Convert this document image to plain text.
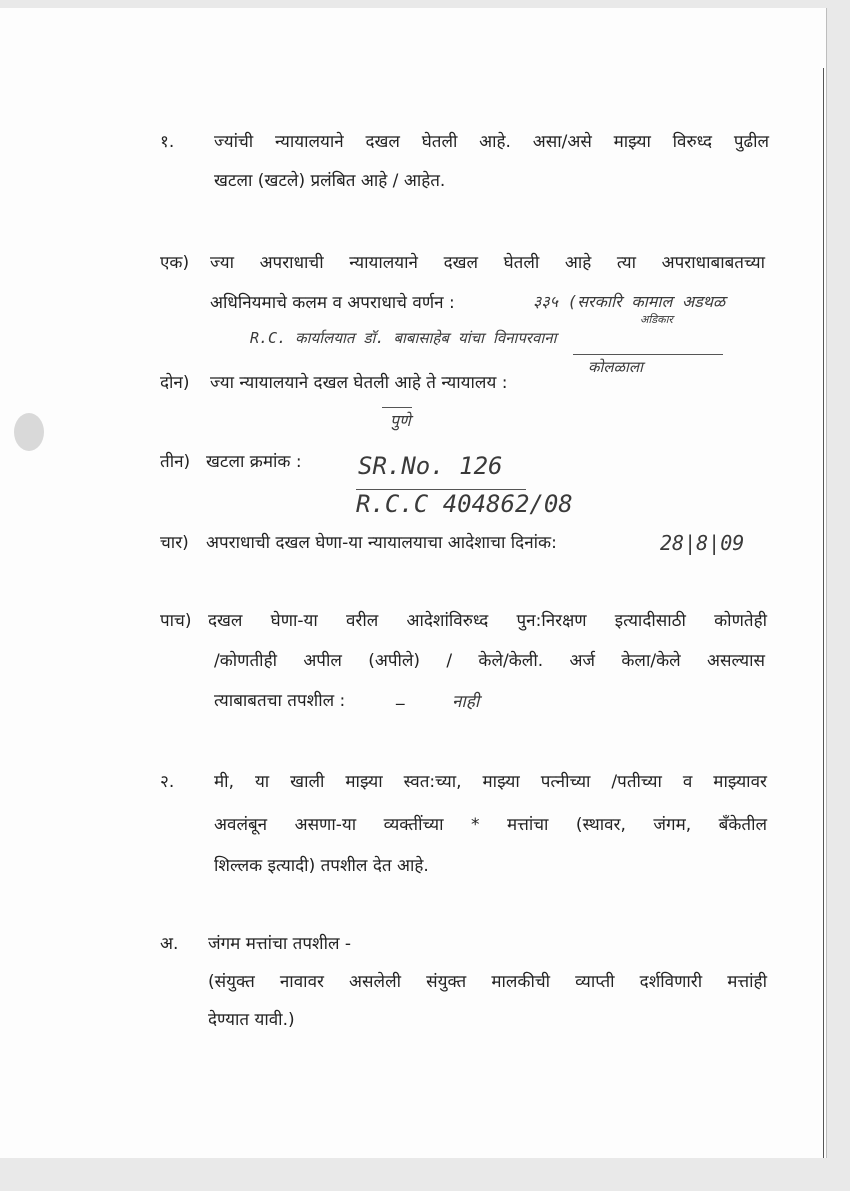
१. ज्यांची न्यायालयाने दखल घेतली आहे. असा/असे माझ्या विरुध्द पुढील
खटला (खटले) प्रलंबित आहे / आहेत.
एक) ज्या अपराधाची न्यायालयाने दखल घेतली आहे त्या अपराधाबाबतच्या
अधिनियमाचे कलम व अपराधाचे वर्णन :	३३५ (सरकारि कामाल अडथळ
अडिकार
R.C. कार्यालयात डॉ. बाबासाहेब यांचा विनापरवाना
कोलळाला
दोन) ज्या न्यायालयाने दखल घेतली आहे ते न्यायालय :
पुणे
तीन) खटला क्रमांक : SR.No. 126
R.C.C 404862/08
चार) अपराधाची दखल घेणा-या न्यायालयाचा आदेशाचा दिनांक:	28|8|09
पाच) दखल घेणा-या वरील आदेशांविरुध्द पुन:निरक्षण इत्यादीसाठी कोणतेही
/कोणतीही अपील (अपीले) / केले/केली. अर्ज केला/केले असल्यास
त्याबाबतचा तपशील :	_	नाही
२. मी, या खाली माझ्या स्वत:च्या, माझ्या पत्नीच्या /पतीच्या व माझ्यावर
अवलंबून असणा-या व्यक्तींच्या * मत्तांचा (स्थावर, जंगम, बँकेतील
शिल्लक इत्यादी) तपशील देत आहे.
अ. जंगम मत्तांचा तपशील -
(संयुक्त नावावर असलेली संयुक्त मालकीची व्याप्ती दर्शविणारी मत्तांही
देण्यात यावी.)
